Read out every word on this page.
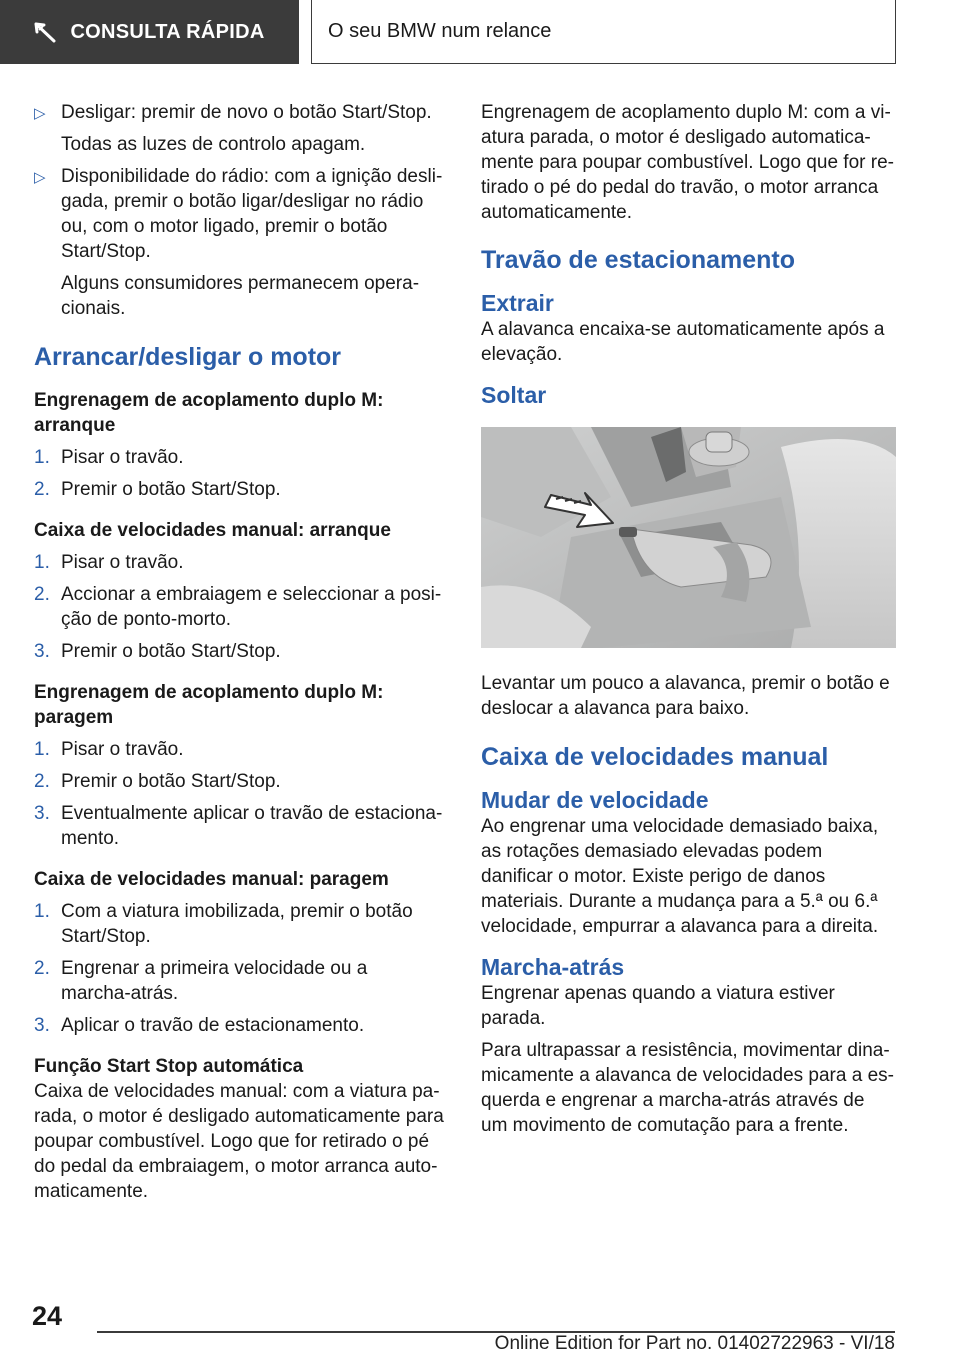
CONSULTA RÁPIDA	O seu BMW num relance
▷ Desligar: premir de novo o botão Start/Stop.

Todas as luzes de controlo apagam.

▷ Disponibilidade do rádio: com a ignição desligada, premir o botão ligar/desligar no rádio ou, com o motor ligado, premir o botão Start/Stop.

Alguns consumidores permanecem operacionais.

Arrancar/desligar o motor
Engrenagem de acoplamento duplo M: arranque
1. Pisar o travão.
2. Premir o botão Start/Stop.
Caixa de velocidades manual: arranque
1. Pisar o travão.
2. Accionar a embraiagem e seleccionar a posição de ponto-morto.
3. Premir o botão Start/Stop.
Engrenagem de acoplamento duplo M: paragem
1. Pisar o travão.
2. Premir o botão Start/Stop.
3. Eventualmente aplicar o travão de estacionamento.
Caixa de velocidades manual: paragem
1. Com a viatura imobilizada, premir o botão Start/Stop.
2. Engrenar a primeira velocidade ou a marcha-atrás.
3. Aplicar o travão de estacionamento.
Função Start Stop automática

Caixa de velocidades manual: com a viatura parada, o motor é desligado automaticamente para poupar combustível. Logo que for retirado o pé do pedal da embraiagem, o motor arranca automaticamente.

Engrenagem de acoplamento duplo M: com a viatura parada, o motor é desligado automaticamente para poupar combustível. Logo que for retirado o pé do pedal do travão, o motor arranca automaticamente.

Travão de estacionamento
Extrair

A alavanca encaixa-se automaticamente após a elevação.

Soltar

Levantar um pouco a alavanca, premir o botão e deslocar a alavanca para baixo.

Caixa de velocidades manual
Mudar de velocidade

Ao engrenar uma velocidade demasiado baixa, as rotações demasiado elevadas podem danificar o motor. Existe perigo de danos materiais. Durante a mudança para a 5.ª ou 6.ª velocidade, empurrar a alavanca para a direita.

Marcha-atrás

Engrenar apenas quando a viatura estiver parada.

Para ultrapassar a resistência, movimentar dinamicamente a alavanca de velocidades para a esquerda e engrenar a marcha-atrás através de um movimento de comutação para a frente.

24
Online Edition for Part no. 01402722963 - VI/18
